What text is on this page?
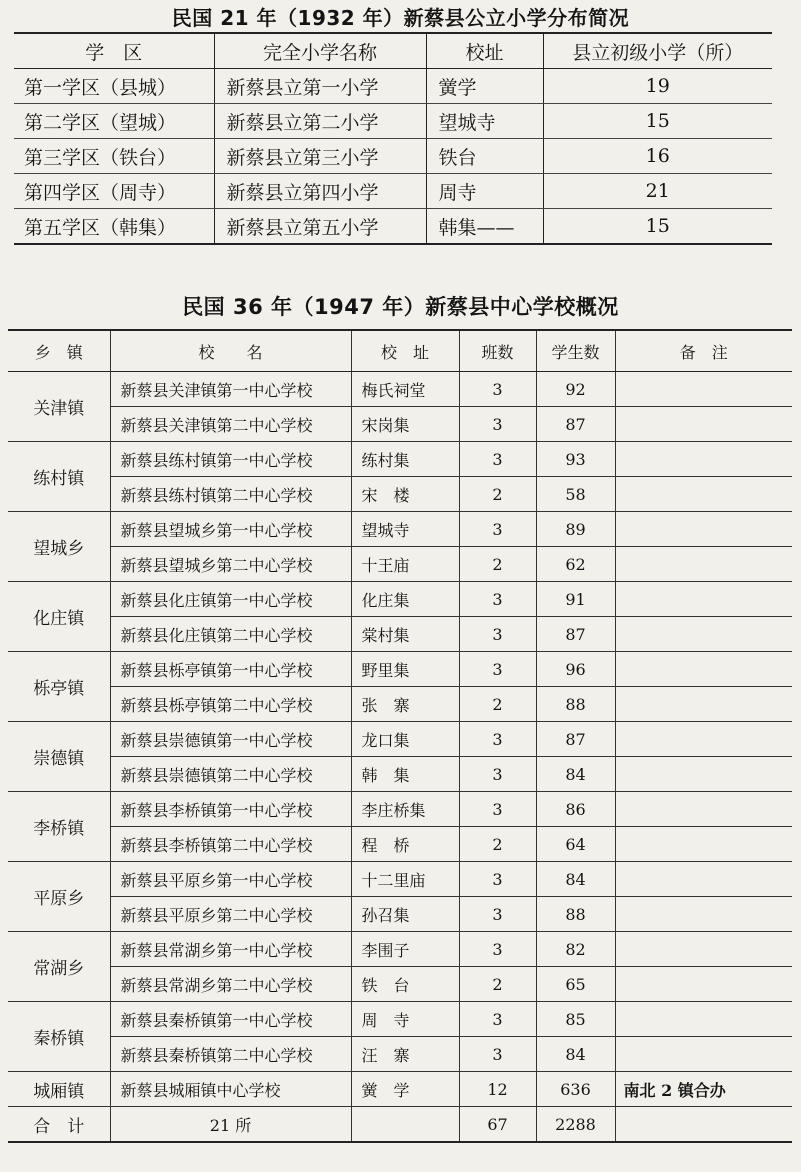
民国 21 年（1932 年）新蔡县公立小学分布简况
学　区	完全小学名称	校址	县立初级小学（所）
第一学区（县城）	新蔡县立第一小学	黉学	19
第二学区（望城）	新蔡县立第二小学	望城寺	15
第三学区（铁台）	新蔡县立第三小学	铁台	16
第四学区（周寺）	新蔡县立第四小学	周寺	21
第五学区（韩集）	新蔡县立第五小学	韩集——	15
民国 36 年（1947 年）新蔡县中心学校概况
乡　镇	校　　名	校　址	班数	学生数	备　注
关津镇	新蔡县关津镇第一中心学校	梅氏祠堂	3	92	
	新蔡县关津镇第二中心学校	宋岗集	3	87	
练村镇	新蔡县练村镇第一中心学校	练村集	3	93	
	新蔡县练村镇第二中心学校	宋　楼	2	58	
望城乡	新蔡县望城乡第一中心学校	望城寺	3	89	
	新蔡县望城乡第二中心学校	十王庙	2	62	
化庄镇	新蔡县化庄镇第一中心学校	化庄集	3	91	
	新蔡县化庄镇第二中心学校	棠村集	3	87	
栎亭镇	新蔡县栎亭镇第一中心学校	野里集	3	96	
	新蔡县栎亭镇第二中心学校	张　寨	2	88	
崇德镇	新蔡县崇德镇第一中心学校	龙口集	3	87	
	新蔡县崇德镇第二中心学校	韩　集	3	84	
李桥镇	新蔡县李桥镇第一中心学校	李庄桥集	3	86	
	新蔡县李桥镇第二中心学校	程　桥	2	64	
平原乡	新蔡县平原乡第一中心学校	十二里庙	3	84	
	新蔡县平原乡第二中心学校	孙召集	3	88	
常湖乡	新蔡县常湖乡第一中心学校	李围子	3	82	
	新蔡县常湖乡第二中心学校	铁　台	2	65	
秦桥镇	新蔡县秦桥镇第一中心学校	周　寺	3	85	
	新蔡县秦桥镇第二中心学校	汪　寨	3	84	
城厢镇	新蔡县城厢镇中心学校	黉　学	12	636	南北 2 镇合办
合　计	21 所		67	2288	
